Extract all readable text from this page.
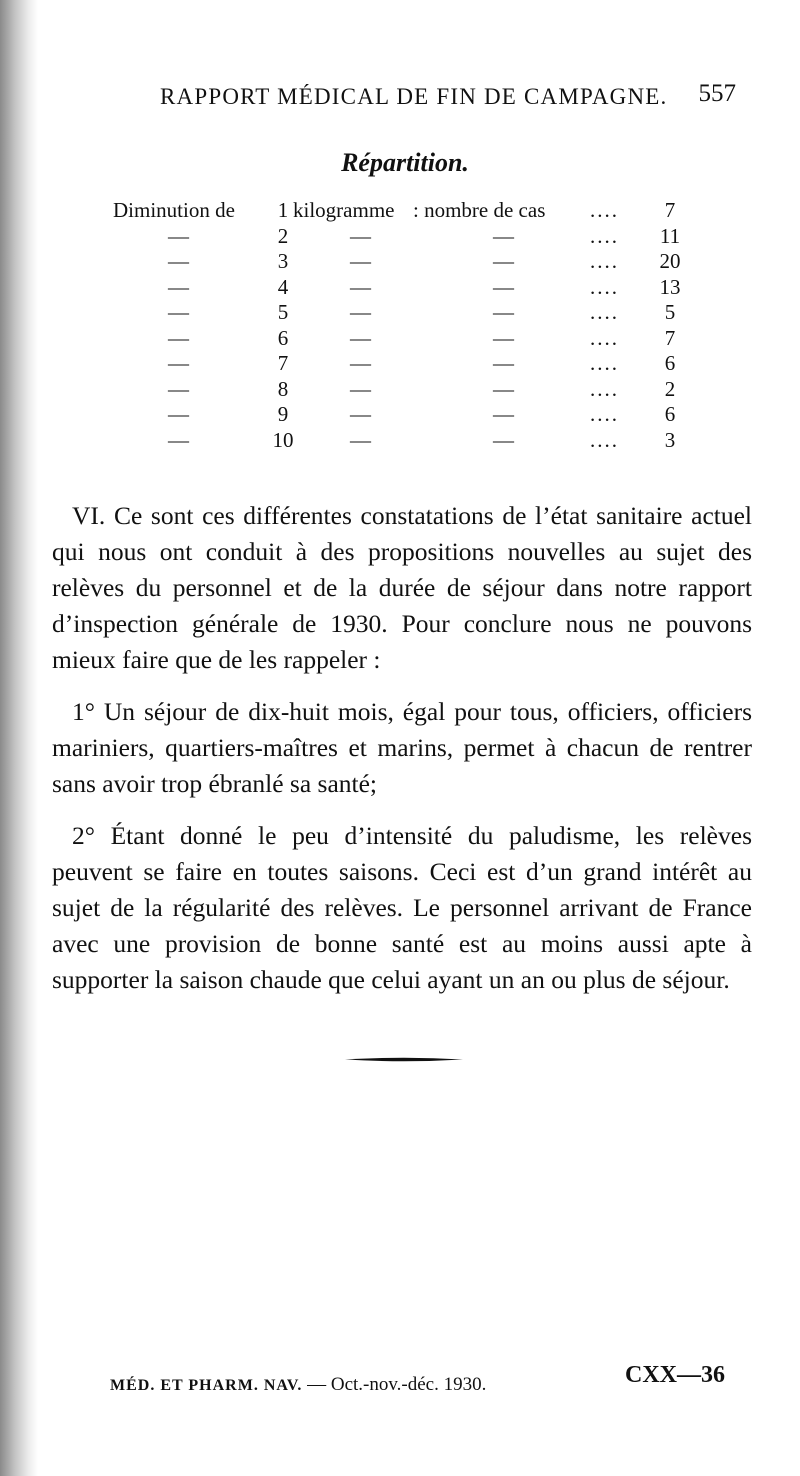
RAPPORT MÉDICAL DE FIN DE CAMPAGNE. 557
Répartition.
Diminution de	1 kilogramme : nombre de cas ....	7
—	2	—	—	....	11
—	3	—	—	....	20
—	4	—	—	....	13
—	5	—	—	....	5
—	6	—	—	....	7
—	7	—	—	....	6
—	8	—	—	....	2
—	9	—	—	....	6
—	10	—	—	....	3

VI. Ce sont ces différentes constatations de l’état sanitaire actuel qui nous ont conduit à des propositions nouvelles au sujet des relèves du personnel et de la durée de séjour dans notre rapport d’inspection générale de 1930. Pour conclure nous ne pouvons mieux faire que de les rappeler :

1° Un séjour de dix-huit mois, égal pour tous, officiers, officiers mariniers, quartiers-maîtres et marins, permet à chacun de rentrer sans avoir trop ébranlé sa santé;

2° Étant donné le peu d’intensité du paludisme, les relèves peuvent se faire en toutes saisons. Ceci est d’un grand intérêt au sujet de la régularité des relèves. Le personnel arrivant de France avec une provision de bonne santé est au moins aussi apte à supporter la saison chaude que celui ayant un an ou plus de séjour.

MÉD. ET PHARM. NAV. — Oct.-nov.-déc. 1930.	CXX—36
